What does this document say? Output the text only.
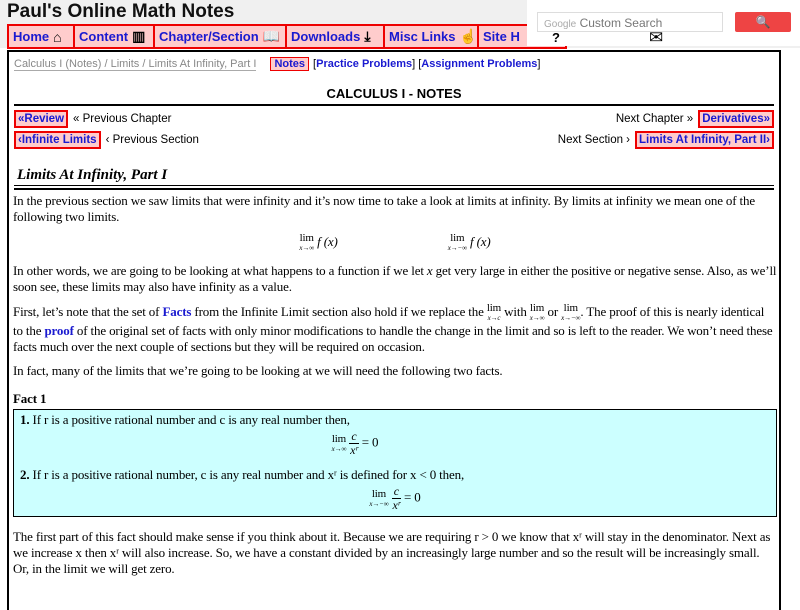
Paul's Online Math Notes
Home ⌂ Content ▥ Chapter/Section 📖 Downloads ⤓ Misc Links ☝ Site H
Google Custom Search	🔍
?	✉
Calculus I (Notes) / Limits / Limits At Infinity, Part I	Notes [Practice Problems] [Assignment Problems]
CALCULUS I - NOTES
«Review « Previous Chapter	Next Chapter » Derivatives»
‹Infinite Limits ‹ Previous Section	Next Section › Limits At Infinity, Part II›
Limits At Infinity, Part I

In the previous section we saw limits that were infinity and it’s now time to take a look at limits at infinity. By limits at infinity we mean one of the following two limits.

lim
x→∞ f (x)	lim
x→−∞ f (x)

In other words, we are going to be looking at what happens to a function if we let x get very large in either the positive or negative sense. Also, as we’ll soon see, these limits may also have infinity as a value.

First, let’s note that the set of Facts from the Infinite Limit section also hold if we replace the lim
x→c with lim
x→∞ or lim
x→−∞ . The proof of this is nearly identical to the proof of the original set of facts with only minor modifications to handle the change in the limit and so is left to the reader. We won’t need these facts much over the next couple of sections but they will be required on occasion.

In fact, many of the limits that we’re going to be looking at we will need the following two facts.

Fact 1
1. If r is a positive rational number and c is any real number then,
lim
x→∞
$\frac{c}{\text{xʳ}} = 0$
2. If r is a positive rational number, c is any real number and xʳ is defined for x < 0 then,
lim
x→−∞
$\frac{c}{\text{xʳ}} = 0$

The first part of this fact should make sense if you think about it. Because we are requiring r > 0 we know that xʳ will stay in the denominator. Next as we increase x then xʳ will also increase. So, we have a constant divided by an increasingly large number and so the result will be increasingly small. Or, in the limit we will get zero.
